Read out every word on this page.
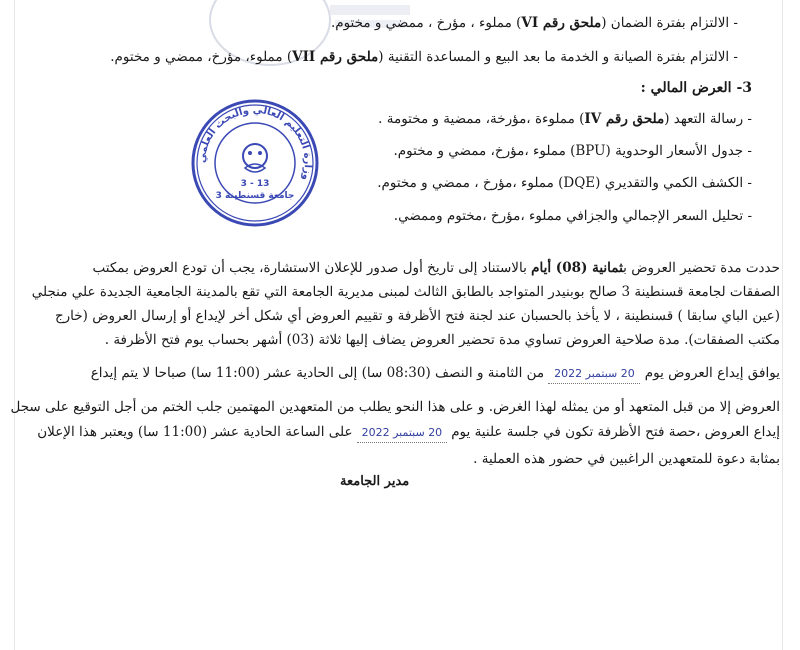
- الالتزام بفترة الضمان (ملحق رقم VI) مملوء ، مؤرخ ، ممضي و مختوم.
- الالتزام بفترة الصيانة و الخدمة ما بعد البيع و المساعدة التقنية (ملحق رقم VII) مملوء، مؤرخ، ممضي و مختوم.
3- العرض المالي :
- رسالة التعهد (ملحق رقم IV) مملوءة ،مؤرخة، ممضية و مختومة .
- جدول الأسعار الوحدوية (BPU) مملوء ،مؤرخ، ممضي و مختوم.
- الكشف الكمي والتقديري (DQE) مملوء ،مؤرخ ، ممضي و مختوم.
- تحليل السعر الإجمالي والجزافي مملوء ،مؤرخ ،مختوم وممضي.
وزارة التعليم العالي والبحث العلمي
3 - 13
جامعة قسنطينة 3
حددت مدة تحضير العروض بثمانية (08) أيام بالاستناد إلى تاريخ أول صدور للإعلان الاستشارة، يجب أن تودع العروض بمكتب
الصفقات لجامعة قسنطينة 3 صالح بوبنيدر المتواجد بالطابق الثالث لمبنى مديرية الجامعة التي تقع بالمدينة الجامعية الجديدة علي منجلي
(عين الباي سابقا ) قسنطينة ، لا يأخذ بالحسبان عند لجنة فتح الأظرفة و تقييم العروض أي شكل أخر لإيداع أو إرسال العروض (خارج
مكتب الصفقات). مدة صلاحية العروض تساوي مدة تحضير العروض يضاف إليها ثلاثة (03) أشهر بحساب يوم فتح الأظرفة .
يوافق إيداع العروض يوم 20 سبتمبر 2022 من الثامنة و النصف (08:30 سا) إلى الحادية عشر (11:00 سا) صباحا لا يتم إيداع
العروض إلا من قبل المتعهد أو من يمثله لهذا الغرض. و على هذا النحو يطلب من المتعهدين المهتمين جلب الختم من أجل التوقيع على سجل
إيداع العروض ،حصة فتح الأظرفة تكون في جلسة علنية يوم 20 سبتمبر 2022 على الساعة الحادية عشر (11:00 سا) ويعتبر هذا الإعلان
بمثابة دعوة للمتعهدين الراغبين في حضور هذه العملية .
مدير الجامعة
